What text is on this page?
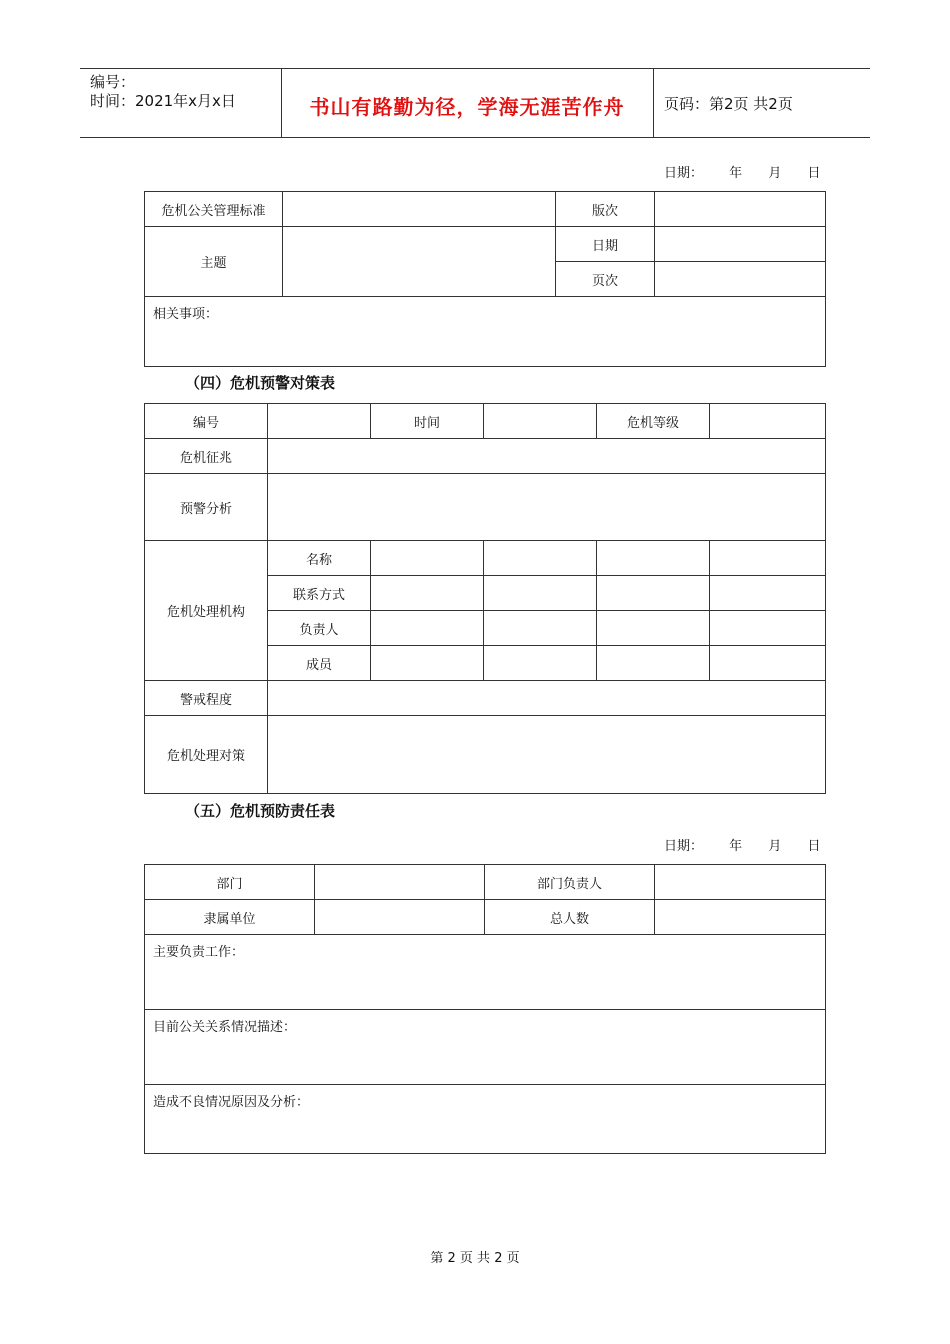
编号：
时间：2021年x月x日	书山有路勤为径，学海无涯苦作舟	页码：第2页 共2页
日期： 年 月 日
危机公关管理标准		版次	
主题		日期	
		页次	
相关事项：			
（四）危机预警对策表
编号		时间		危机等级	
危机征兆					
预警分析					
危机处理机构	名称				
	联系方式				
	负责人				
	成员				
警戒程度					
危机处理对策					
（五）危机预防责任表
日期： 年 月 日
部门		部门负责人	
隶属单位		总人数	
主要负责工作：			
目前公关关系情况描述：			
造成不良情况原因及分析：			
第 2 页 共 2 页
